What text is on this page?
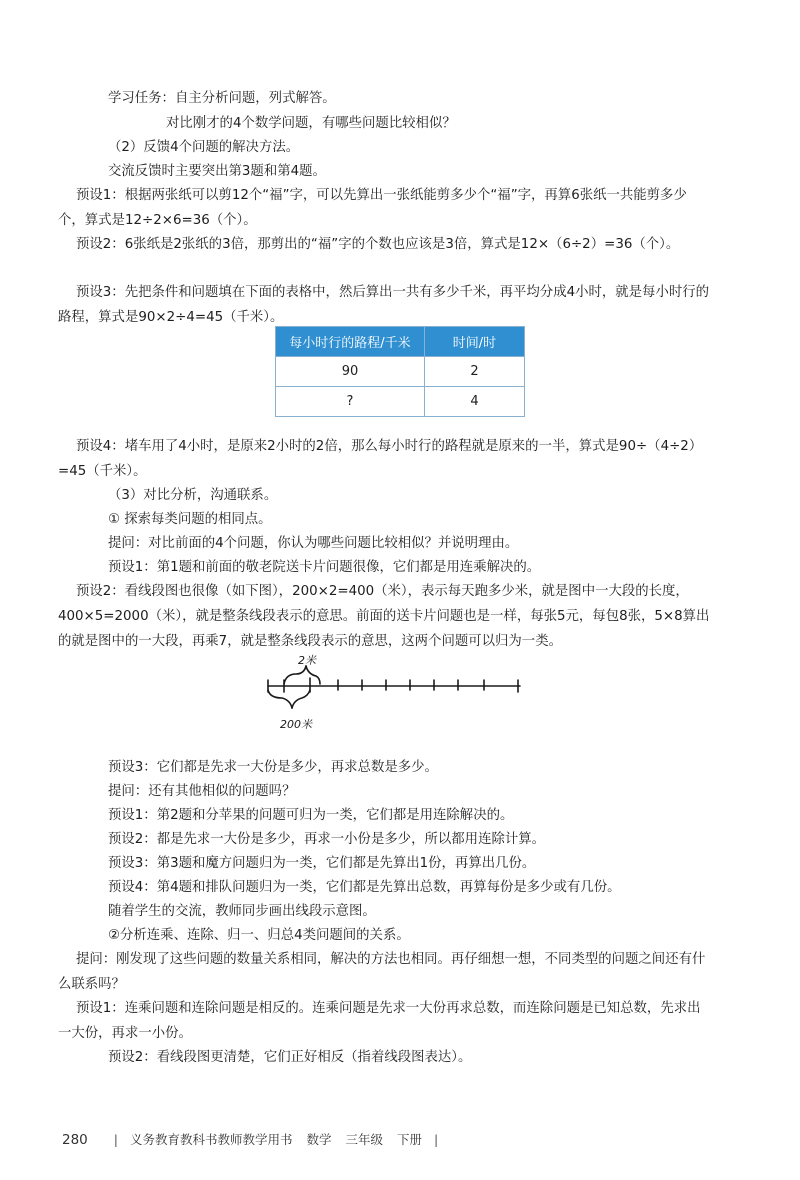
学习任务：自主分析问题，列式解答。

对比刚才的4个数学问题，有哪些问题比较相似？

（2）反馈4个问题的解决方法。

交流反馈时主要突出第3题和第4题。

预设1：根据两张纸可以剪12个“福”字，可以先算出一张纸能剪多少个“福”字，再算6张纸一共能剪多少个，算式是12÷2×6=36（个）。

预设2：6张纸是2张纸的3倍，那剪出的“福”字的个数也应该是3倍，算式是12×（6÷2）=36（个）。

预设3：先把条件和问题填在下面的表格中，然后算出一共有多少千米，再平均分成4小时，就是每小时行的路程，算式是90×2÷4=45（千米）。

每小时行的路程/千米	时间/时
90	2
?	4

预设4：堵车用了4小时，是原来2小时的2倍，那么每小时行的路程就是原来的一半，算式是90÷（4÷2）=45（千米）。

（3）对比分析，沟通联系。

① 探索每类问题的相同点。

提问：对比前面的4个问题，你认为哪些问题比较相似？并说明理由。

预设1：第1题和前面的敬老院送卡片问题很像，它们都是用连乘解决的。

预设2：看线段图也很像（如下图），200×2=400（米），表示每天跑多少米，就是图中一大段的长度，400×5=2000（米），就是整条线段表示的意思。前面的送卡片问题也是一样，每张5元，每包8张，5×8算出的就是图中的一大段，再乘7，就是整条线段表示的意思，这两个问题可以归为一类。

2米
200米

预设3：它们都是先求一大份是多少，再求总数是多少。

提问：还有其他相似的问题吗？

预设1：第2题和分苹果的问题可归为一类，它们都是用连除解决的。

预设2：都是先求一大份是多少，再求一小份是多少，所以都用连除计算。

预设3：第3题和魔方问题归为一类，它们都是先算出1份，再算出几份。

预设4：第4题和排队问题归为一类，它们都是先算出总数，再算每份是多少或有几份。

随着学生的交流，教师同步画出线段示意图。

②分析连乘、连除、归一、归总4类问题间的关系。

提问：刚发现了这些问题的数量关系相同，解决的方法也相同。再仔细想一想，不同类型的问题之间还有什么联系吗？

预设1：连乘问题和连除问题是相反的。连乘问题是先求一大份再求总数，而连除问题是已知总数，先求出一大份，再求一小份。

预设2：看线段图更清楚，它们正好相反（指着线段图表达）。

280 | 义务教育教科书教师教学用书 数学 三年级 下册 |
